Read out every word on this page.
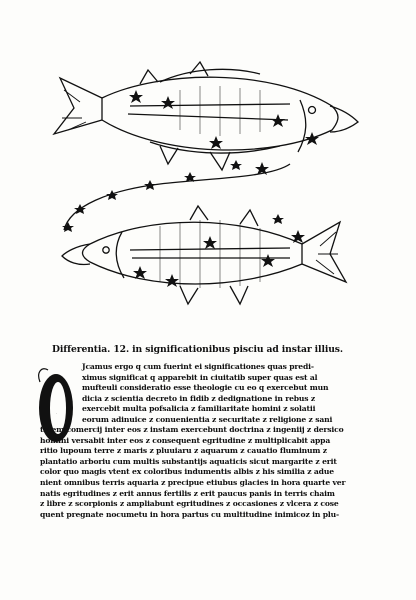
Differentia. 12. in significationibus pisciu ad instar illius.
O
Jcamus ergo q cum fuerint ei significationes quas predi-
ximus significat q apparebit in ciuitatib super quas est al
mufteuli consideratio esse theologie cu eo q exercebut mun
dicia z scientia decreto in fidib z dedignatione in rebus z
exercebit multa pofsalicia z familiaritate homini z solatii
eorum adinuice z conuenientia z securitate z religione z sani
tatem comercij inter eos z instam exercebunt doctrina z ingeniij z dersico
homini versabit inter eos z consequent egritudine z multiplicabit appa
ritio lupoum terre z maris z pluuiaru z aquarum z cauatio fluminum z
plantatio arboriu cum multis substantijs aquaticis sicut margarite z erit
color quo magis vtent ex coloribus indumentis albis z his similia z adue
nient omnibus terris aquaria z precipue etiubus glacies in hora quarte ver
natis egritudines z erit annus fertilis z erit paucus panis in terris chaim
z libre z scorpionis z ampliabunt egritudines z occasiones z vlcera z cose
quent pregnate nocumetu in hora partus cu multitudine inimicoz in plu-
